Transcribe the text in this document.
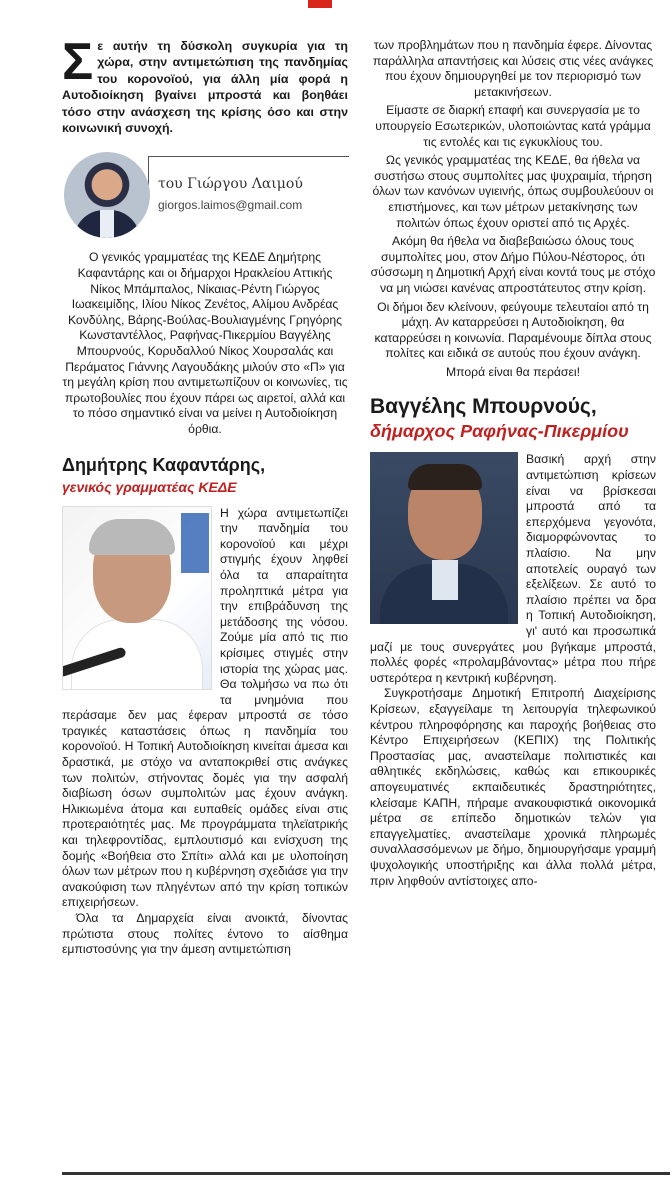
Σε αυτήν τη δύσκολη συγκυρία για τη χώρα, στην αντιμετώπιση της πανδημίας του κορονοϊού, για άλλη μία φορά η Αυτοδιοίκηση βγαίνει μπροστά και βοηθάει τόσο στην ανάσχεση της κρίσης όσο και στην κοινωνική συνοχή.
του Γιώργου Λαιμού
giorgos.laimos@gmail.com

Ο γενικός γραμματέας της ΚΕΔΕ Δημήτρης Καφαντάρης και οι δήμαρχοι Ηρακλείου Αττικής Νίκος Μπάμπαλος, Νίκαιας-Ρέντη Γιώργος Ιωακειμίδης, Ιλίου Νίκος Ζενέτος, Αλίμου Ανδρέας Κονδύλης, Βάρης-Βούλας-Βουλιαγμένης Γρηγόρης Κωνσταντέλλος, Ραφήνας-Πικερμίου Βαγγέλης Μπουρνούς, Κορυδαλλού Νίκος Χουρσαλάς και Περάματος Γιάννης Λαγουδάκης μιλούν στο «Π» για τη μεγάλη κρίση που αντιμετωπίζουν οι κοινωνίες, τις πρωτοβουλίες που έχουν πάρει ως αιρετοί, αλλά και το πόσο σημαντικό είναι να μείνει η Αυτοδιοίκηση όρθια.

Δημήτρης Καφαντάρης,
γενικός γραμματέας ΚΕΔΕ

Η χώρα αντιμετωπίζει την πανδημία του κορονοϊού και μέχρι στιγμής έχουν ληφθεί όλα τα απαραίτητα προληπτικά μέτρα για την επιβράδυνση της μετάδοσης της νόσου. Ζούμε μία από τις πιο κρίσιμες στιγμές στην ιστορία της χώρας μας. Θα τολμήσω να πω ότι τα μνημόνια που περάσαμε δεν μας έφεραν μπροστά σε τόσο τραγικές καταστάσεις όπως η πανδημία του κορονοϊού. Η Τοπική Αυτοδιοίκηση κινείται άμεσα και δραστικά, με στόχο να ανταποκριθεί στις ανάγκες των πολιτών, στήνοντας δομές για την ασφαλή διαβίωση όσων συμπολιτών μας έχουν ανάγκη. Ηλικιωμένα άτομα και ευπαθείς ομάδες είναι στις προτεραιότητές μας. Με προγράμματα τηλεϊατρικής και τηλεφροντίδας, εμπλουτισμό και ενίσχυση της δομής «Βοήθεια στο Σπίτι» αλλά και με υλοποίηση όλων των μέτρων που η κυβέρνηση σχεδιάσε για την ανακούφιση των πληγέντων από την κρίση τοπικών επιχειρήσεων.

Όλα τα Δημαρχεία είναι ανοικτά, δίνοντας πρώτιστα στους πολίτες έντονο το αίσθημα εμπιστοσύνης για την άμεση αντιμετώπιση

των προβλημάτων που η πανδημία έφερε. Δίνοντας παράλληλα απαντήσεις και λύσεις στις νέες ανάγκες που έχουν δημιουργηθεί με τον περιορισμό των μετακινήσεων.

Είμαστε σε διαρκή επαφή και συνεργασία με το υπουργείο Εσωτερικών, υλοποιώντας κατά γράμμα τις εντολές και τις εγκυκλίους του.

Ως γενικός γραμματέας της ΚΕΔΕ, θα ήθελα να συστήσω στους συμπολίτες μας ψυχραιμία, τήρηση όλων των κανόνων υγιεινής, όπως συμβουλεύουν οι επιστήμονες, και των μέτρων μετακίνησης των πολιτών όπως έχουν οριστεί από τις Αρχές.

Ακόμη θα ήθελα να διαβεβαιώσω όλους τους συμπολίτες μου, στον Δήμο Πύλου-Νέστορος, ότι σύσσωμη η Δημοτική Αρχή είναι κοντά τους με στόχο να μη νιώσει κανένας απροστάτευτος στην κρίση.

Οι δήμοι δεν κλείνουν, φεύγουμε τελευταίοι από τη μάχη. Αν καταρρεύσει η Αυτοδιοίκηση, θα καταρρεύσει η κοινωνία. Παραμένουμε δίπλα στους πολίτες και ειδικά σε αυτούς που έχουν ανάγκη.

Μπορά είναι θα περάσει!

Βαγγέλης Μπουρνούς,
δήμαρχος Ραφήνας-Πικερμίου

Βασική αρχή στην αντιμετώπιση κρίσεων είναι να βρίσκεσαι μπροστά από τα επερχόμενα γεγονότα, διαμορφώνοντας το πλαίσιο. Να μην αποτελείς ουραγό των εξελίξεων. Σε αυτό το πλαίσιο πρέπει να δρα η Τοπική Αυτοδιοίκηση, γι' αυτό και προσωπικά μαζί με τους συνεργάτες μου βγήκαμε μπροστά, πολλές φορές «προλαμβάνοντας» μέτρα που πήρε υστερότερα η κεντρική κυβέρνηση.

Συγκροτήσαμε Δημοτική Επιτροπή Διαχείρισης Κρίσεων, εξαγγείλαμε τη λειτουργία τηλεφωνικού κέντρου πληροφόρησης και παροχής βοήθειας στο Κέντρο Επιχειρήσεων (ΚΕΠΙΧ) της Πολιτικής Προστασίας μας, αναστείλαμε πολιτιστικές και αθλητικές εκδηλώσεις, καθώς και επικουρικές απογευματινές εκπαιδευτικές δραστηριότητες, κλείσαμε ΚΑΠΗ, πήραμε ανακουφιστικά οικονομικά μέτρα σε επίπεδο δημοτικών τελών για επαγγελματίες, αναστείλαμε χρονικά πληρωμές συναλλασσόμενων με δήμο, δημιουργήσαμε γραμμή ψυχολογικής υποστήριξης και άλλα πολλά μέτρα, πριν ληφθούν αντίστοιχες απο-
